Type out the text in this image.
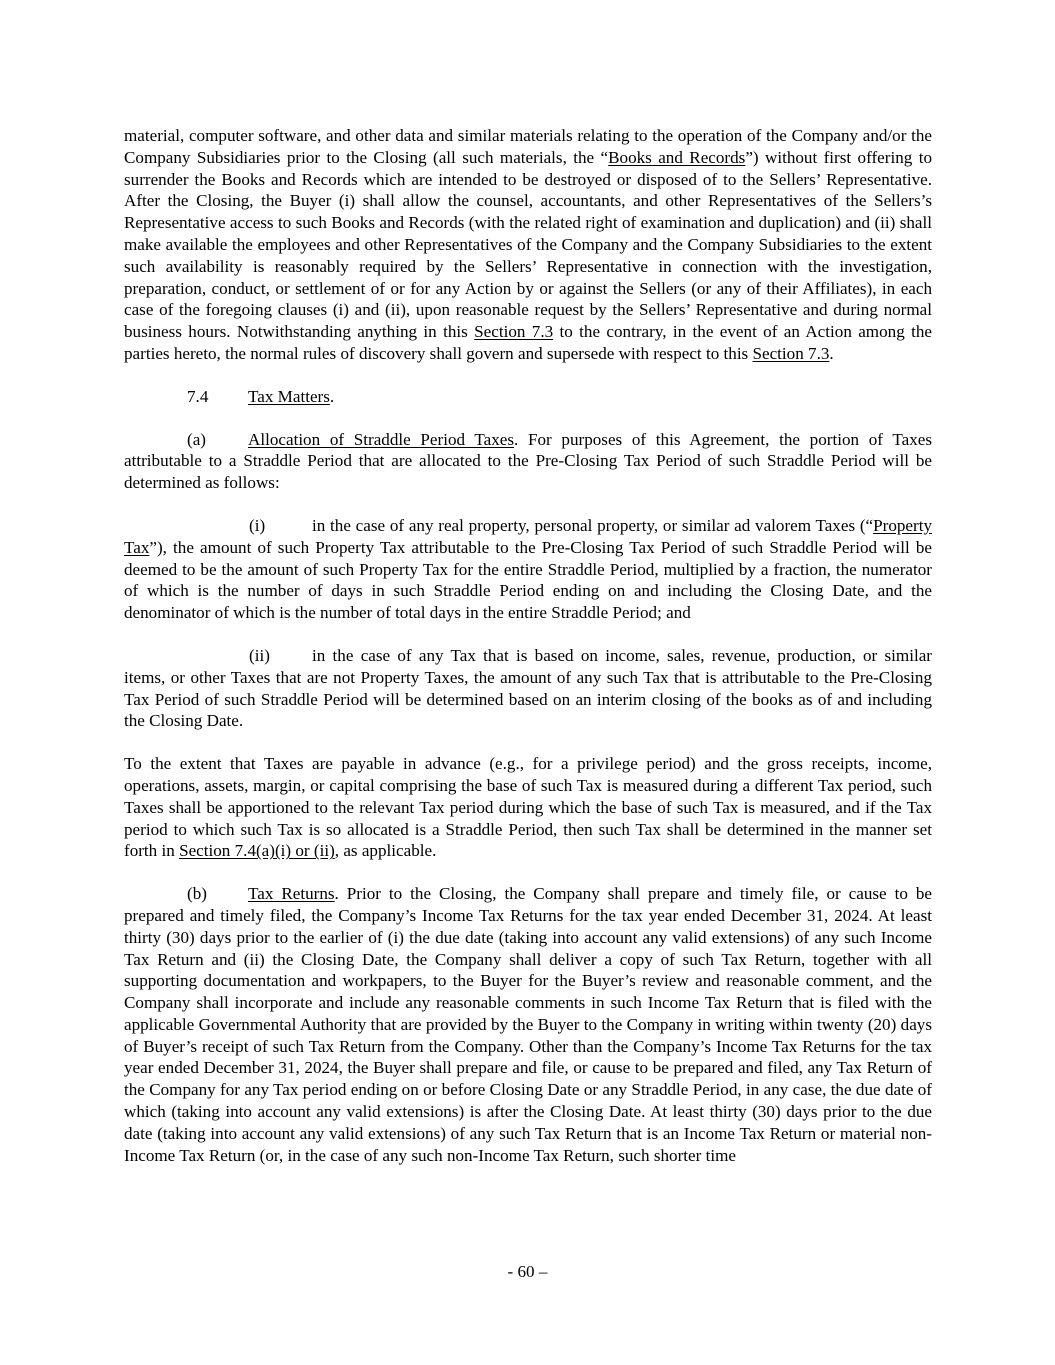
material, computer software, and other data and similar materials relating to the operation of the Company and/or the Company Subsidiaries prior to the Closing (all such materials, the “Books and Records”) without first offering to surrender the Books and Records which are intended to be destroyed or disposed of to the Sellers’ Representative. After the Closing, the Buyer (i) shall allow the counsel, accountants, and other Representatives of the Sellers’s Representative access to such Books and Records (with the related right of examination and duplication) and (ii) shall make available the employees and other Representatives of the Company and the Company Subsidiaries to the extent such availability is reasonably required by the Sellers’ Representative in connection with the investigation, preparation, conduct, or settlement of or for any Action by or against the Sellers (or any of their Affiliates), in each case of the foregoing clauses (i) and (ii), upon reasonable request by the Sellers’ Representative and during normal business hours. Notwithstanding anything in this Section 7.3 to the contrary, in the event of an Action among the parties hereto, the normal rules of discovery shall govern and supersede with respect to this Section 7.3.

7.4 Tax Matters.

(a) Allocation of Straddle Period Taxes. For purposes of this Agreement, the portion of Taxes attributable to a Straddle Period that are allocated to the Pre-Closing Tax Period of such Straddle Period will be determined as follows:

(i)	in the case of any real property, personal property, or similar ad valorem Taxes (“Property Tax”), the amount of such Property Tax attributable to the Pre-Closing Tax Period of such Straddle Period will be deemed to be the amount of such Property Tax for the entire Straddle Period, multiplied by a fraction, the numerator of which is the number of days in such Straddle Period ending on and including the Closing Date, and the denominator of which is the number of total days in the entire Straddle Period; and

(ii) in the case of any Tax that is based on income, sales, revenue, production, or similar items, or other Taxes that are not Property Taxes, the amount of any such Tax that is attributable to the Pre-Closing Tax Period of such Straddle Period will be determined based on an interim closing of the books as of and including the Closing Date.

To the extent that Taxes are payable in advance (e.g., for a privilege period) and the gross receipts, income, operations, assets, margin, or capital comprising the base of such Tax is measured during a different Tax period, such Taxes shall be apportioned to the relevant Tax period during which the base of such Tax is measured, and if the Tax period to which such Tax is so allocated is a Straddle Period, then such Tax shall be determined in the manner set forth in Section 7.4(a)(i) or (ii), as applicable.

(b) Tax Returns. Prior to the Closing, the Company shall prepare and timely file, or cause to be prepared and timely filed, the Company’s Income Tax Returns for the tax year ended December 31, 2024. At least thirty (30) days prior to the earlier of (i) the due date (taking into account any valid extensions) of any such Income Tax Return and (ii) the Closing Date, the Company shall deliver a copy of such Tax Return, together with all supporting documentation and workpapers, to the Buyer for the Buyer’s review and reasonable comment, and the Company shall incorporate and include any reasonable comments in such Income Tax Return that is filed with the applicable Governmental Authority that are provided by the Buyer to the Company in writing within twenty (20) days of Buyer’s receipt of such Tax Return from the Company. Other than the Company’s Income Tax Returns for the tax year ended December 31, 2024, the Buyer shall prepare and file, or cause to be prepared and filed, any Tax Return of the Company for any Tax period ending on or before Closing Date or any Straddle Period, in any case, the due date of which (taking into account any valid extensions) is after the Closing Date. At least thirty (30) days prior to the due date (taking into account any valid extensions) of any such Tax Return that is an Income Tax Return or material non-Income Tax Return (or, in the case of any such non-Income Tax Return, such shorter time

- 60 –
